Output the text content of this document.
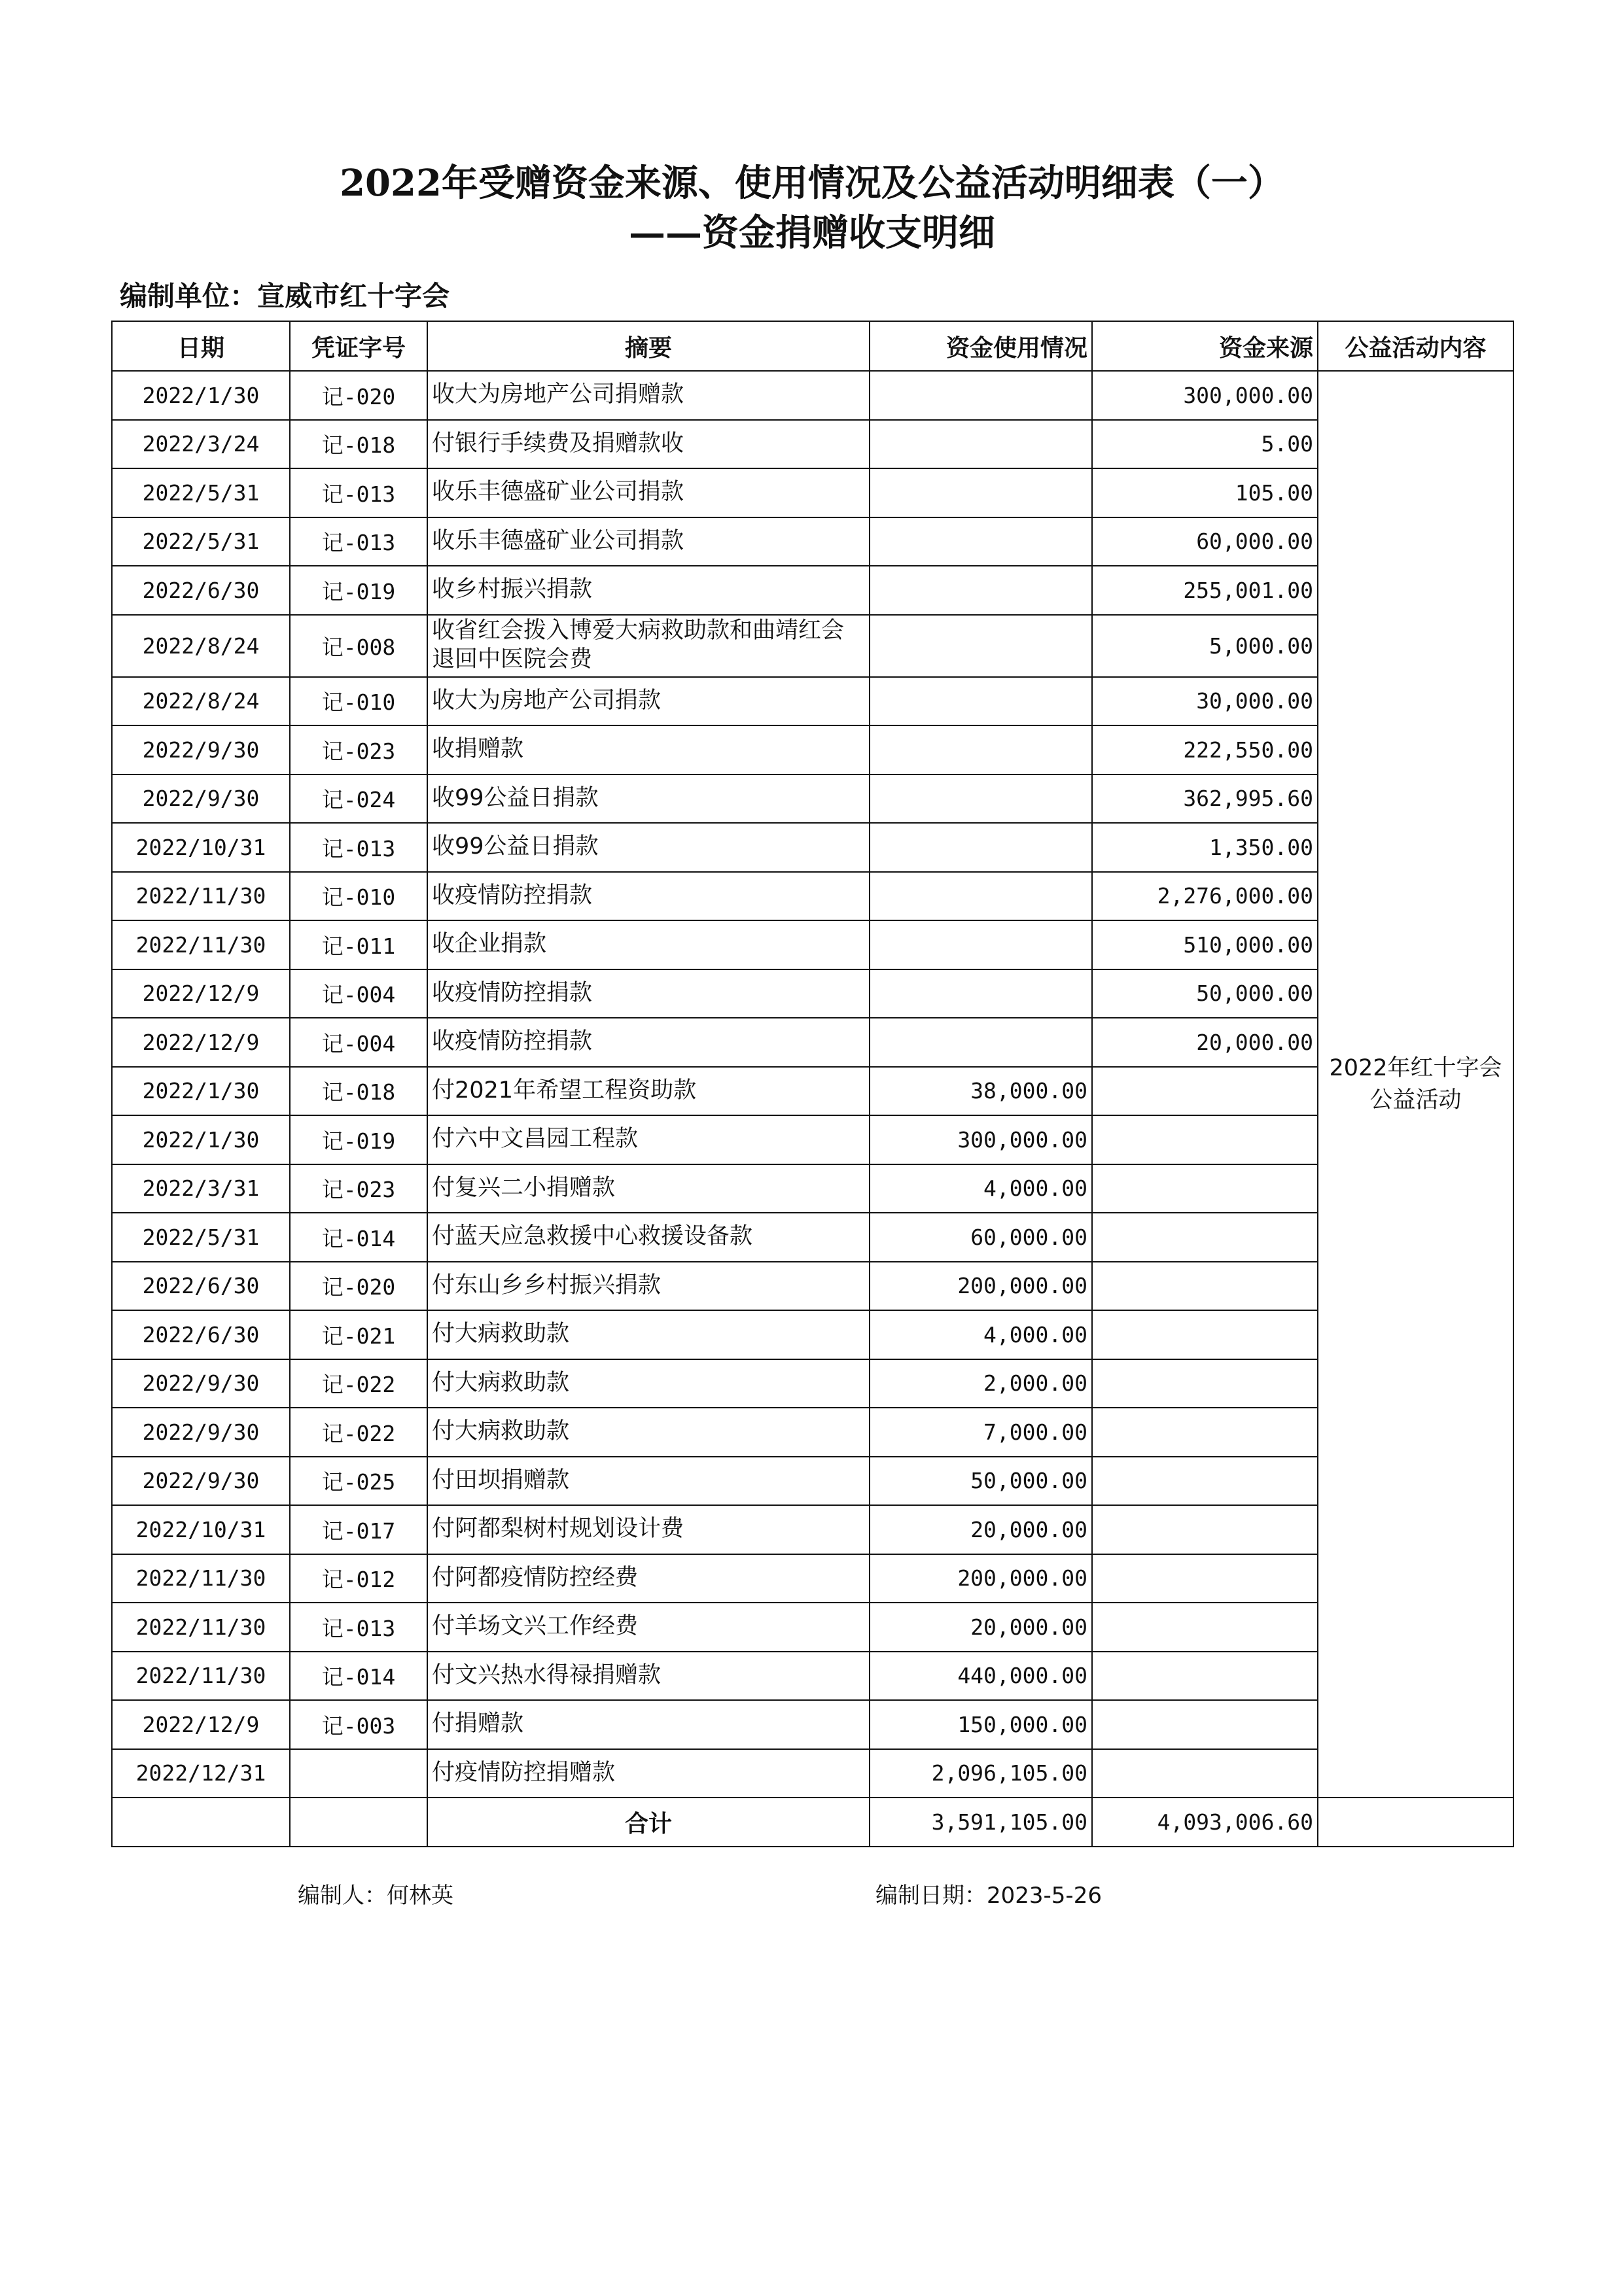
2022年受赠资金来源、使用情况及公益活动明细表（一）
——资金捐赠收支明细
编制单位：宣威市红十字会
日期	凭证字号	摘要	资金使用情况	资金来源	公益活动内容
2022/1/30	记-020	收大为房地产公司捐赠款		300,000.00	2022年红十字会
公益活动
2022/3/24	记-018	付银行手续费及捐赠款收		5.00	
2022/5/31	记-013	收乐丰德盛矿业公司捐款		105.00	
2022/5/31	记-013	收乐丰德盛矿业公司捐款		60,000.00	
2022/6/30	记-019	收乡村振兴捐款		255,001.00	
2022/8/24	记-008	收省红会拨入博爱大病救助款和曲靖红会退回中医院会费		5,000.00	
2022/8/24	记-010	收大为房地产公司捐款		30,000.00	
2022/9/30	记-023	收捐赠款		222,550.00	
2022/9/30	记-024	收99公益日捐款		362,995.60	
2022/10/31	记-013	收99公益日捐款		1,350.00	
2022/11/30	记-010	收疫情防控捐款		2,276,000.00	
2022/11/30	记-011	收企业捐款		510,000.00	
2022/12/9	记-004	收疫情防控捐款		50,000.00	
2022/12/9	记-004	收疫情防控捐款		20,000.00	
2022/1/30	记-018	付2021年希望工程资助款	38,000.00		
2022/1/30	记-019	付六中文昌园工程款	300,000.00		
2022/3/31	记-023	付复兴二小捐赠款	4,000.00		
2022/5/31	记-014	付蓝天应急救援中心救援设备款	60,000.00		
2022/6/30	记-020	付东山乡乡村振兴捐款	200,000.00		
2022/6/30	记-021	付大病救助款	4,000.00		
2022/9/30	记-022	付大病救助款	2,000.00		
2022/9/30	记-022	付大病救助款	7,000.00		
2022/9/30	记-025	付田坝捐赠款	50,000.00		
2022/10/31	记-017	付阿都梨树村规划设计费	20,000.00		
2022/11/30	记-012	付阿都疫情防控经费	200,000.00		
2022/11/30	记-013	付羊场文兴工作经费	20,000.00		
2022/11/30	记-014	付文兴热水得禄捐赠款	440,000.00		
2022/12/9	记-003	付捐赠款	150,000.00		
2022/12/31		付疫情防控捐赠款	2,096,105.00		
		合计	3,591,105.00	4,093,006.60	
编制人：何林英	编制日期：2023-5-26
